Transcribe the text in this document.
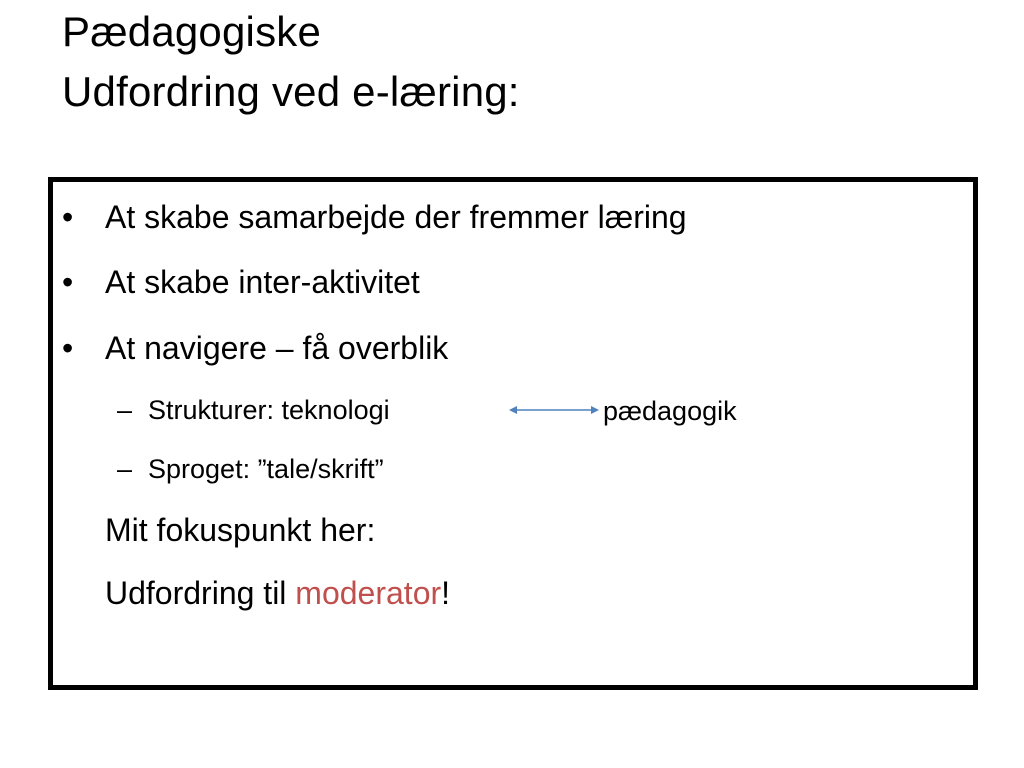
Pædagogiske
Udfordring ved e-læring:
• At skabe samarbejde der fremmer læring
• At skabe inter-aktivitet
• At navigere – få overblik
– Strukturer: teknologi	pædagogik
– Sproget: ”tale/skrift”
Mit fokuspunkt her:
Udfordring til moderator!
